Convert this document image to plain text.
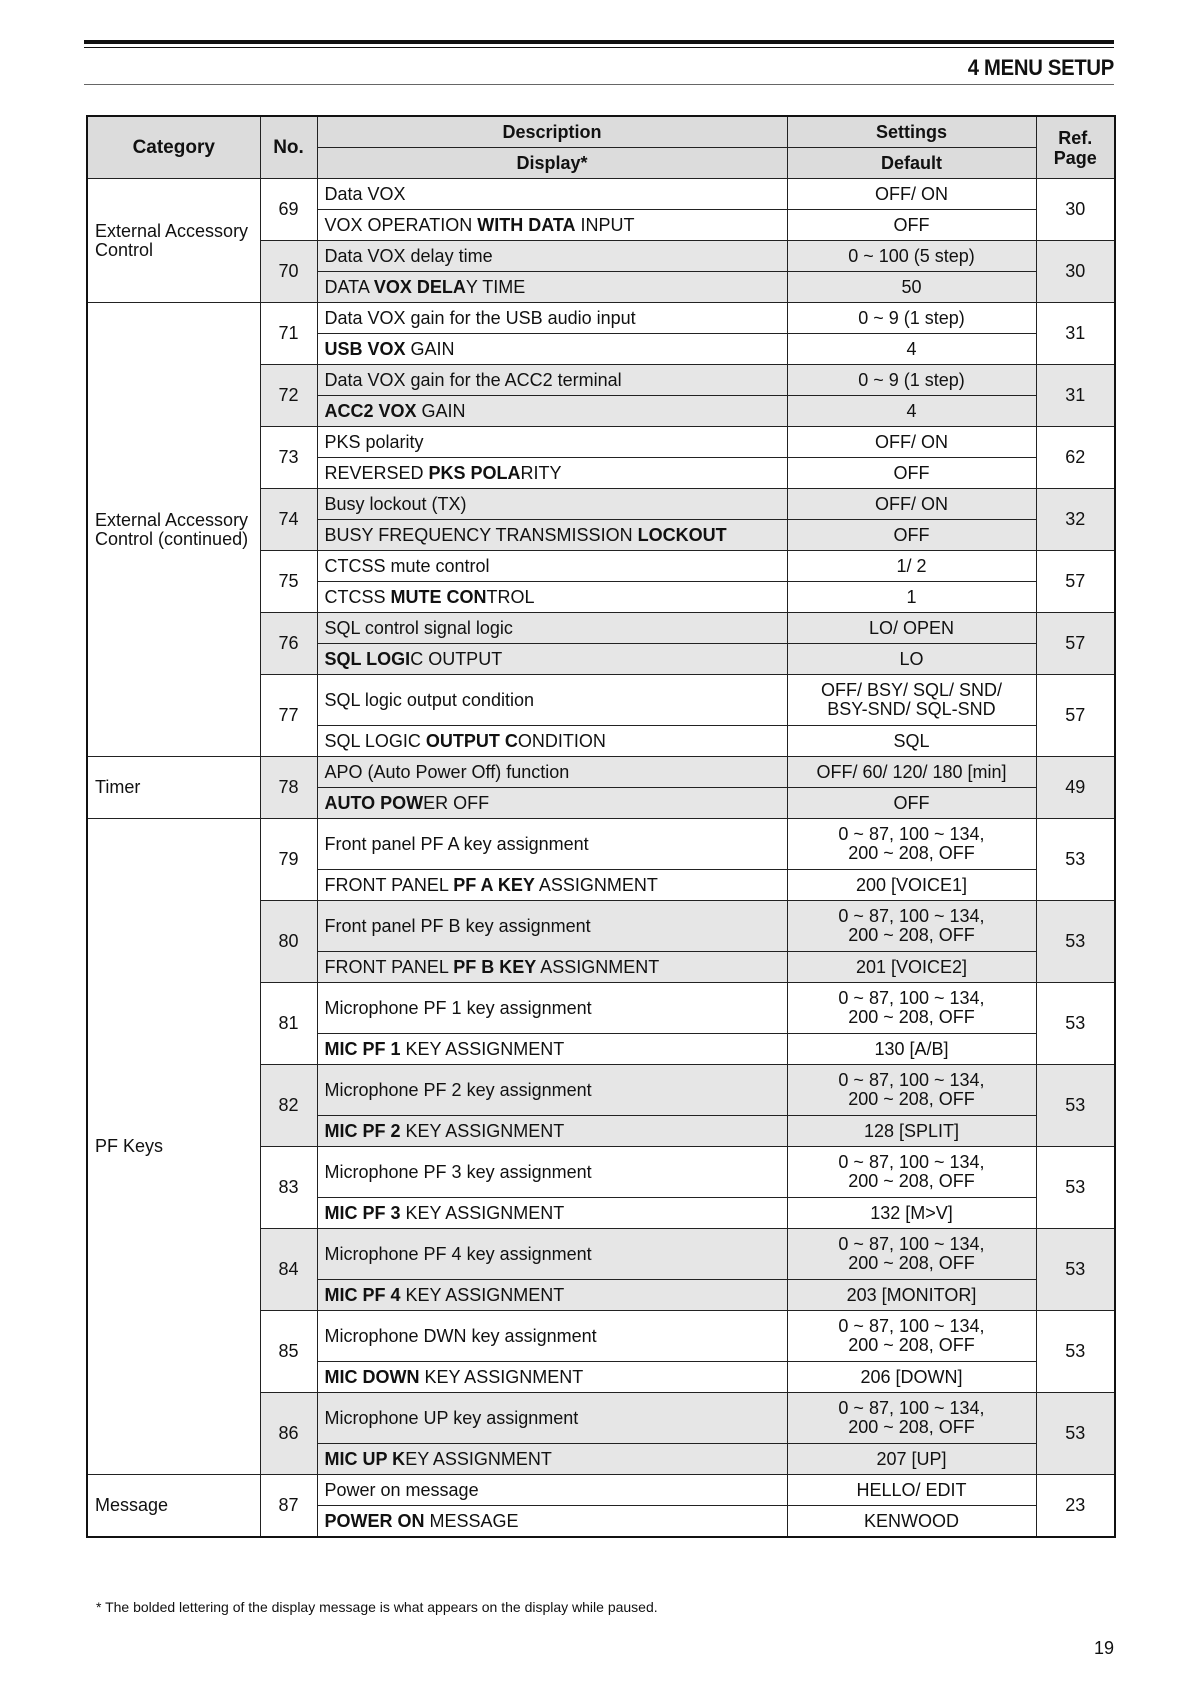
4 MENU SETUP
Category	No.	Description	Settings	Ref. Page
		Display*	Default	
External Accessory Control	69	Data VOX	OFF/ ON	30
		VOX OPERATION WITH DATA INPUT	OFF	
	70	Data VOX delay time	0 ~ 100 (5 step)	30
		DATA VOX DELAY TIME	50	
External Accessory Control (continued)	71	Data VOX gain for the USB audio input	0 ~ 9 (1 step)	31
		USB VOX GAIN	4	
	72	Data VOX gain for the ACC2 terminal	0 ~ 9 (1 step)	31
		ACC2 VOX GAIN	4	
	73	PKS polarity	OFF/ ON	62
		REVERSED PKS POLARITY	OFF	
	74	Busy lockout (TX)	OFF/ ON	32
		BUSY FREQUENCY TRANSMISSION LOCKOUT	OFF	
	75	CTCSS mute control	1/ 2	57
		CTCSS MUTE CONTROL	1	
	76	SQL control signal logic	LO/ OPEN	57
		SQL LOGIC OUTPUT	LO	
	77	SQL logic output condition	OFF/ BSY/ SQL/ SND/
BSY-SND/ SQL-SND	57
		SQL LOGIC OUTPUT CONDITION	SQL	
Timer	78	APO (Auto Power Off) function	OFF/ 60/ 120/ 180 [min]	49
		AUTO POWER OFF	OFF	
PF Keys	79	Front panel PF A key assignment	0 ~ 87, 100 ~ 134,
200 ~ 208, OFF	53
		FRONT PANEL PF A KEY ASSIGNMENT	200 [VOICE1]	
	80	Front panel PF B key assignment	0 ~ 87, 100 ~ 134,
200 ~ 208, OFF	53
		FRONT PANEL PF B KEY ASSIGNMENT	201 [VOICE2]	
	81	Microphone PF 1 key assignment	0 ~ 87, 100 ~ 134,
200 ~ 208, OFF	53
		MIC PF 1 KEY ASSIGNMENT	130 [A/B]	
	82	Microphone PF 2 key assignment	0 ~ 87, 100 ~ 134,
200 ~ 208, OFF	53
		MIC PF 2 KEY ASSIGNMENT	128 [SPLIT]	
	83	Microphone PF 3 key assignment	0 ~ 87, 100 ~ 134,
200 ~ 208, OFF	53
		MIC PF 3 KEY ASSIGNMENT	132 [M>V]	
	84	Microphone PF 4 key assignment	0 ~ 87, 100 ~ 134,
200 ~ 208, OFF	53
		MIC PF 4 KEY ASSIGNMENT	203 [MONITOR]	
	85	Microphone DWN key assignment	0 ~ 87, 100 ~ 134,
200 ~ 208, OFF	53
		MIC DOWN KEY ASSIGNMENT	206 [DOWN]	
	86	Microphone UP key assignment	0 ~ 87, 100 ~ 134,
200 ~ 208, OFF	53
		MIC UP KEY ASSIGNMENT	207 [UP]	
Message	87	Power on message	HELLO/ EDIT	23
		POWER ON MESSAGE	KENWOOD	
* The bolded lettering of the display message is what appears on the display while paused.
19
